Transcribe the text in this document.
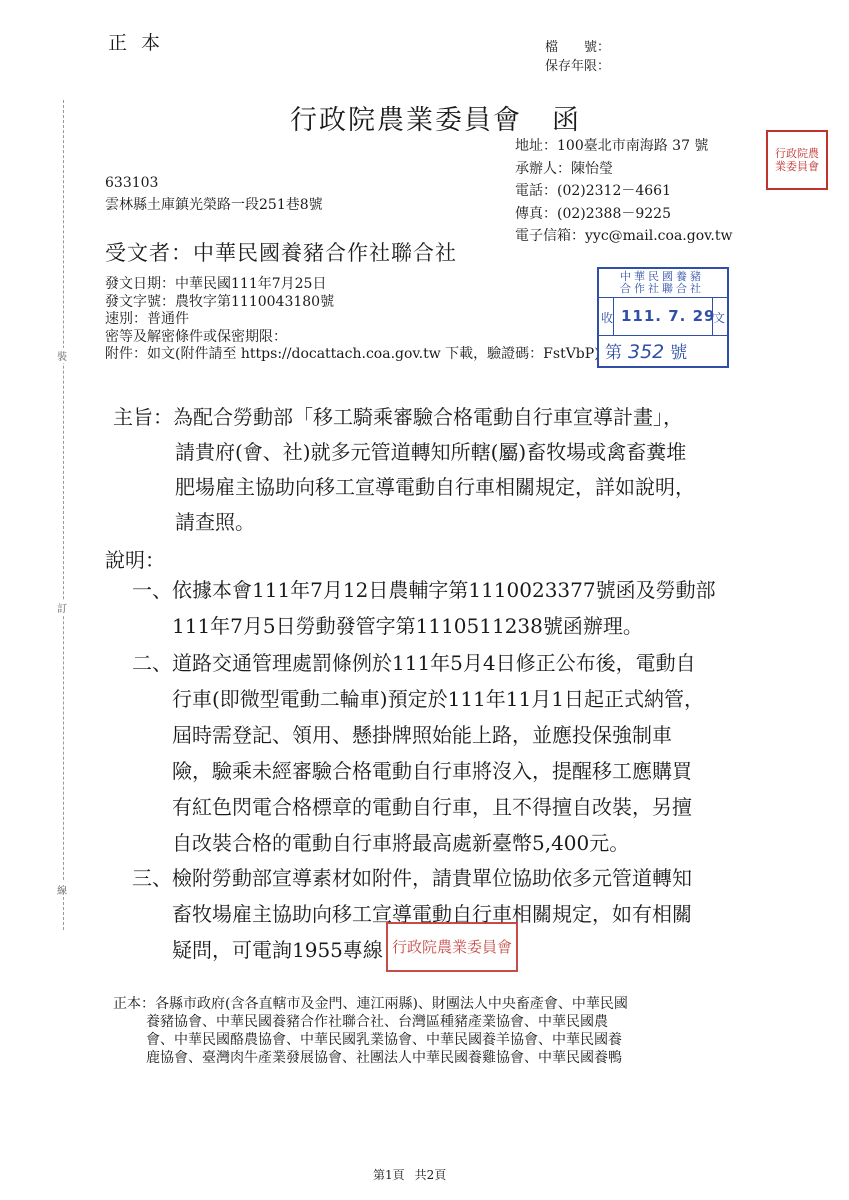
裝
訂
線
正本	檔　　號：
保存年限：
行政院農業委員會 函
地址：100臺北市南海路 37 號
承辦人：陳怡瑩
電話：(02)2312－4661
傳真：(02)2388－9225
電子信箱：yyc@mail.coa.gov.tw
行政院農業委員會
633103
雲林縣土庫鎮光榮路一段251巷8號
受文者：中華民國養豬合作社聯合社
發文日期：中華民國111年7月25日
發文字號：農牧字第1110043180號
速別：普通件
密等及解密條件或保密期限：
附件：如文(附件請至 https://docattach.coa.gov.tw 下載，驗證碼：FstVbP)
中華民國養豬合作社聯合社
收 111. 7. 29
文
第 352 號
主旨：為配合勞動部「移工騎乘審驗合格電動自行車宣導計畫」，
請貴府(會、社)就多元管道轉知所轄(屬)畜牧場或禽畜糞堆
肥場雇主協助向移工宣導電動自行車相關規定，詳如說明，
請查照。
說明：
一、依據本會111年7月12日農輔字第1110023377號函及勞動部
111年7月5日勞動發管字第1110511238號函辦理。
二、道路交通管理處罰條例於111年5月4日修正公布後，電動自
行車(即微型電動二輪車)預定於111年11月1日起正式納管，
屆時需登記、領用、懸掛牌照始能上路，並應投保強制車
險，驗乘未經審驗合格電動自行車將沒入，提醒移工應購買
有紅色閃電合格標章的電動自行車，且不得擅自改裝，另擅
自改裝合格的電動自行車將最高處新臺幣5,400元。
三、檢附勞動部宣導素材如附件，請貴單位協助依多元管道轉知
畜牧場雇主協助向移工宣導電動自行車相關規定，如有相關
疑問，可電詢1955專線 行政院農業委員會
正本：各縣市政府(含各直轄市及金門、連江兩縣)、財團法人中央畜產會、中華民國
養豬協會、中華民國養豬合作社聯合社、台灣區種豬產業協會、中華民國農
會、中華民國酪農協會、中華民國乳業協會、中華民國養羊協會、中華民國養
鹿協會、臺灣肉牛產業發展協會、社團法人中華民國養雞協會、中華民國養鴨
第1頁 共2頁
